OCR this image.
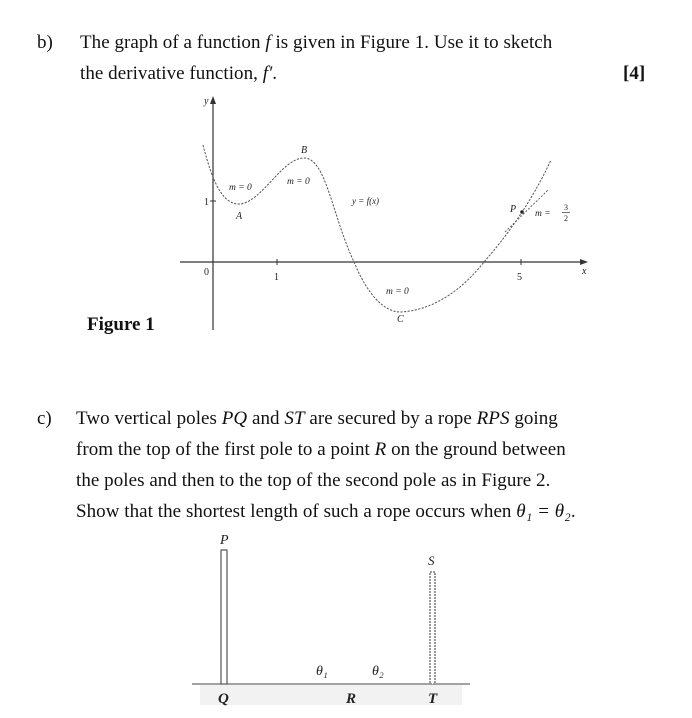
b) The graph of a function f is given in Figure 1. Use it to sketch
the derivative function, f′.	[4]
y
x
0
1
1	5
A
B
C
P
m = 0
m = 0
m = 0
y = f(x)
m =
3
2
Figure 1
c) Two vertical poles PQ and ST are secured by a rope RPS going
from the top of the first pole to a point R on the ground between
the poles and then to the top of the second pole as in Figure 2.
Show that the shortest length of such a rope occurs when θ₁ = θ₂.
P
S
Q	R	T
θ₁	θ₂
